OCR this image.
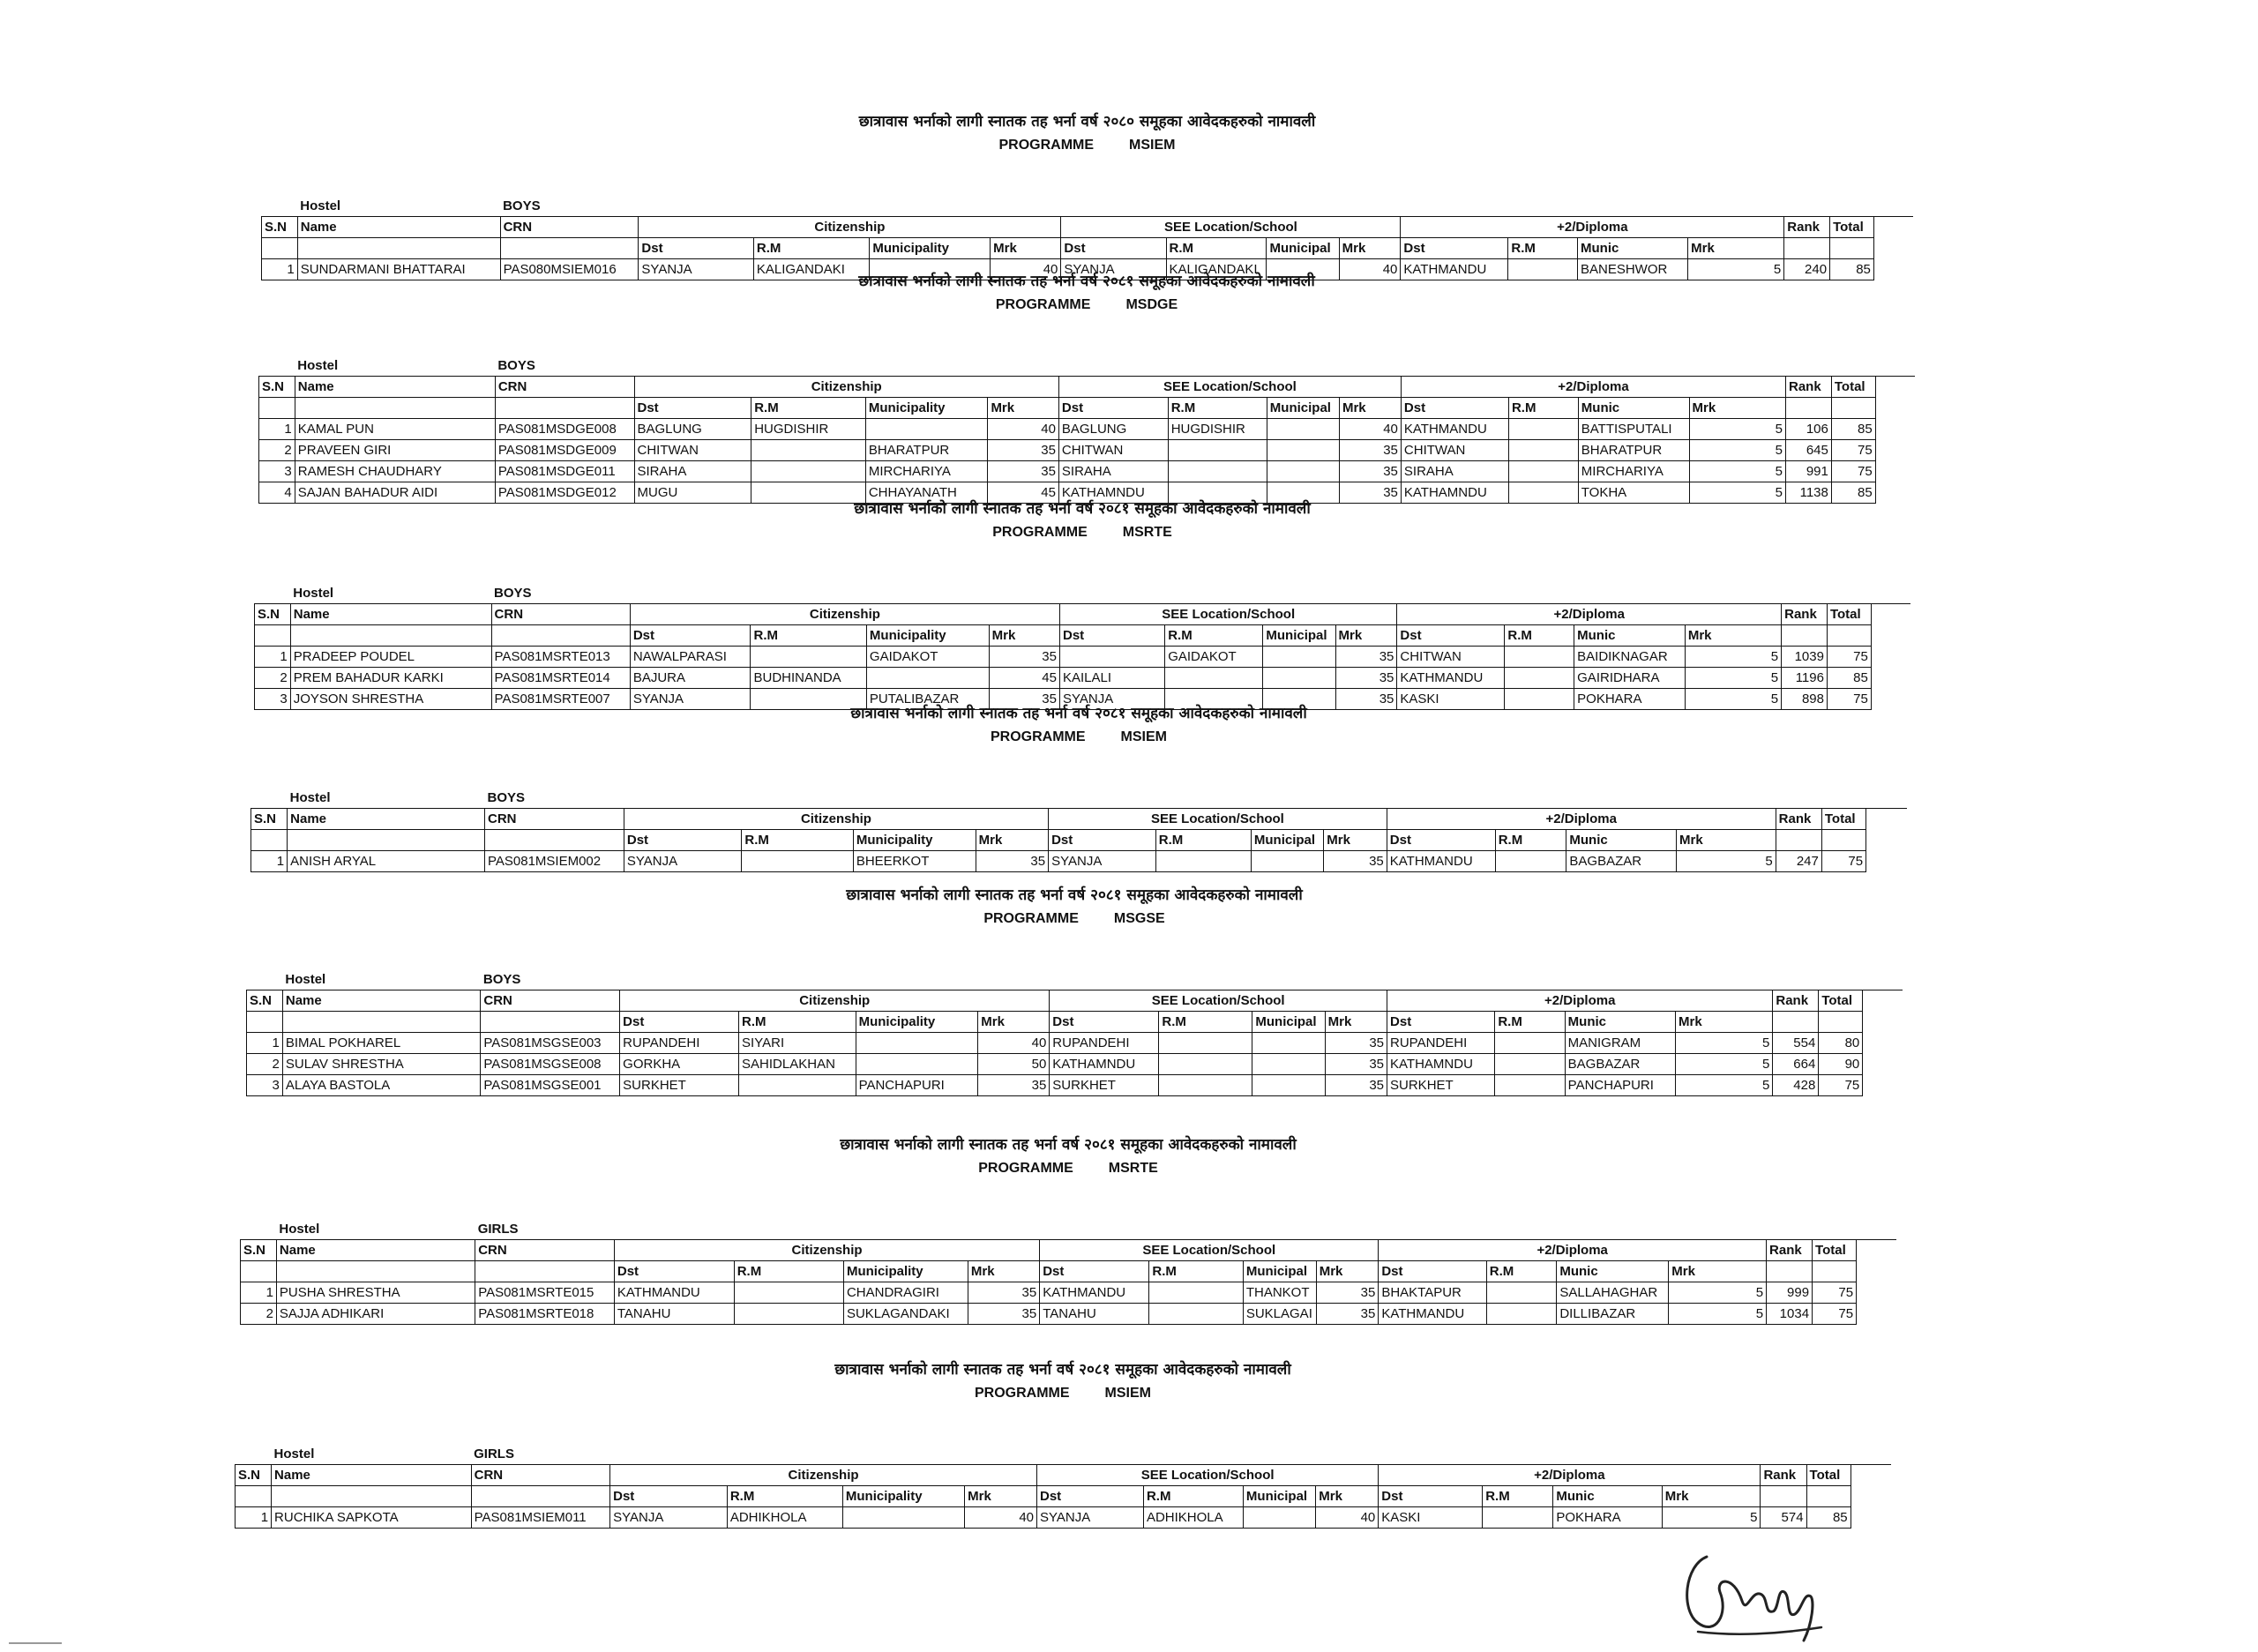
छात्रावास भर्नाको लागी स्नातक तह भर्ना वर्ष २०८० समूहका आवेदकहरुको नामावली
PROGRAMME	MSIEM
	Hostel	BOYS															
S.N	Name	CRN	Citizenship				SEE Location/School				+2/Diploma				Rank	Total	
			Dst	R.M	Municipality	Mrk	Dst	R.M	Municipal	Mrk	Dst	R.M	Munic	Mrk			
1	SUNDARMANI BHATTARAI	PAS080MSIEM016	SYANJA	KALIGANDAKI		40	SYANJA	KALIGANDAKI		40	KATHMANDU		BANESHWOR	5	240	85	
छात्रावास भर्नाको लागी स्नातक तह भर्ना वर्ष २०८१ समूहका आवेदकहरुको नामावली
PROGRAMME	MSDGE
	Hostel	BOYS															
S.N	Name	CRN	Citizenship				SEE Location/School				+2/Diploma				Rank	Total	
			Dst	R.M	Municipality	Mrk	Dst	R.M	Municipal	Mrk	Dst	R.M	Munic	Mrk			
1	KAMAL PUN	PAS081MSDGE008	BAGLUNG	HUGDISHIR		40	BAGLUNG	HUGDISHIR		40	KATHMANDU		BATTISPUTALI	5	106	85	
2	PRAVEEN GIRI	PAS081MSDGE009	CHITWAN		BHARATPUR	35	CHITWAN			35	CHITWAN		BHARATPUR	5	645	75	
3	RAMESH CHAUDHARY	PAS081MSDGE011	SIRAHA		MIRCHARIYA	35	SIRAHA			35	SIRAHA		MIRCHARIYA	5	991	75	
4	SAJAN BAHADUR AIDI	PAS081MSDGE012	MUGU		CHHAYANATH	45	KATHAMNDU			35	KATHAMNDU		TOKHA	5	1138	85	
छात्रावास भर्नाको लागी स्नातक तह भर्ना वर्ष २०८१ समूहका आवेदकहरुको नामावली
PROGRAMME	MSRTE
	Hostel	BOYS															
S.N	Name	CRN	Citizenship				SEE Location/School				+2/Diploma				Rank	Total	
			Dst	R.M	Municipality	Mrk	Dst	R.M	Municipal	Mrk	Dst	R.M	Munic	Mrk			
1	PRADEEP POUDEL	PAS081MSRTE013	NAWALPARASI		GAIDAKOT	35		GAIDAKOT		35	CHITWAN		BAIDIKNAGAR	5	1039	75	
2	PREM BAHADUR KARKI	PAS081MSRTE014	BAJURA	BUDHINANDA		45	KAILALI			35	KATHMANDU		GAIRIDHARA	5	1196	85	
3	JOYSON SHRESTHA	PAS081MSRTE007	SYANJA		PUTALIBAZAR	35	SYANJA			35	KASKI		POKHARA	5	898	75	
छात्रावास भर्नाको लागी स्नातक तह भर्ना वर्ष २०८१ समूहका आवेदकहरुको नामावली
PROGRAMME	MSIEM
	Hostel	BOYS															
S.N	Name	CRN	Citizenship				SEE Location/School				+2/Diploma				Rank	Total	
			Dst	R.M	Municipality	Mrk	Dst	R.M	Municipal	Mrk	Dst	R.M	Munic	Mrk			
1	ANISH ARYAL	PAS081MSIEM002	SYANJA		BHEERKOT	35	SYANJA			35	KATHMANDU		BAGBAZAR	5	247	75	
छात्रावास भर्नाको लागी स्नातक तह भर्ना वर्ष २०८१ समूहका आवेदकहरुको नामावली
PROGRAMME	MSGSE
	Hostel	BOYS															
S.N	Name	CRN	Citizenship				SEE Location/School				+2/Diploma				Rank	Total	
			Dst	R.M	Municipality	Mrk	Dst	R.M	Municipal	Mrk	Dst	R.M	Munic	Mrk			
1	BIMAL POKHAREL	PAS081MSGSE003	RUPANDEHI	SIYARI		40	RUPANDEHI			35	RUPANDEHI		MANIGRAM	5	554	80	
2	SULAV SHRESTHA	PAS081MSGSE008	GORKHA	SAHIDLAKHAN		50	KATHAMNDU			35	KATHAMNDU		BAGBAZAR	5	664	90	
3	ALAYA BASTOLA	PAS081MSGSE001	SURKHET		PANCHAPURI	35	SURKHET			35	SURKHET		PANCHAPURI	5	428	75	
छात्रावास भर्नाको लागी स्नातक तह भर्ना वर्ष २०८१ समूहका आवेदकहरुको नामावली
PROGRAMME	MSRTE
	Hostel	GIRLS															
S.N	Name	CRN	Citizenship				SEE Location/School				+2/Diploma				Rank	Total	
			Dst	R.M	Municipality	Mrk	Dst	R.M	Municipal	Mrk	Dst	R.M	Munic	Mrk			
1	PUSHA SHRESTHA	PAS081MSRTE015	KATHMANDU		CHANDRAGIRI	35	KATHMANDU		THANKOT	35	BHAKTAPUR		SALLAHAGHAR	5	999	75	
2	SAJJA ADHIKARI	PAS081MSRTE018	TANAHU		SUKLAGANDAKI	35	TANAHU		SUKLAGAI	35	KATHMANDU		DILLIBAZAR	5	1034	75	
छात्रावास भर्नाको लागी स्नातक तह भर्ना वर्ष २०८१ समूहका आवेदकहरुको नामावली
PROGRAMME	MSIEM
	Hostel	GIRLS															
S.N	Name	CRN	Citizenship				SEE Location/School				+2/Diploma				Rank	Total	
			Dst	R.M	Municipality	Mrk	Dst	R.M	Municipal	Mrk	Dst	R.M	Munic	Mrk			
1	RUCHIKA SAPKOTA	PAS081MSIEM011	SYANJA	ADHIKHOLA		40	SYANJA	ADHIKHOLA		40	KASKI		POKHARA	5	574	85	
